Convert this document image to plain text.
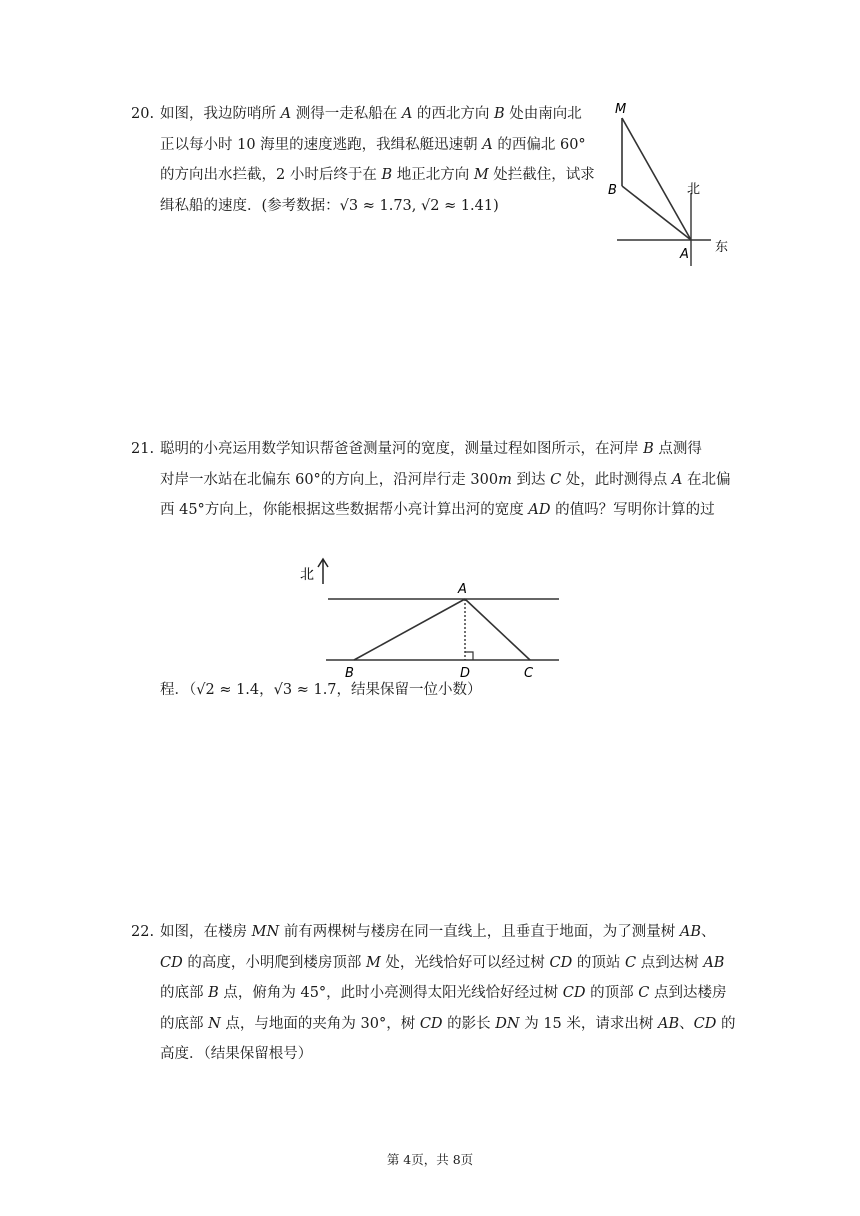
20. 如图，我边防哨所 A 测得一走私船在 A 的西北方向 B 处由南向北
正以每小时 10 海里的速度逃跑，我缉私艇迅速朝 A 的西偏北 60°
的方向出水拦截，2 小时后终于在 B 地正北方向 M 处拦截住，试求
缉私船的速度．(参考数据：√3 ≈ 1.73, √2 ≈ 1.41)
M
B
A
北
东
21. 聪明的小亮运用数学知识帮爸爸测量河的宽度，测量过程如图所示，在河岸 B 点测得
对岸一水站在北偏东 60°的方向上，沿河岸行走 300m 到达 C 处，此时测得点 A 在北偏
西 45°方向上，你能根据这些数据帮小亮计算出河的宽度 AD 的值吗？写明你计算的过
北
A
B	D	C
程．（√2 ≈ 1.4，√3 ≈ 1.7，结果保留一位小数）
22. 如图，在楼房 MN 前有两棵树与楼房在同一直线上，且垂直于地面，为了测量树 AB、
CD 的高度，小明爬到楼房顶部 M 处，光线恰好可以经过树 CD 的顶站 C 点到达树 AB
的底部 B 点，俯角为 45°，此时小亮测得太阳光线恰好经过树 CD 的顶部 C 点到达楼房
的底部 N 点，与地面的夹角为 30°，树 CD 的影长 DN 为 15 米，请求出树 AB、CD 的
高度．（结果保留根号）
第 4页，共 8页
